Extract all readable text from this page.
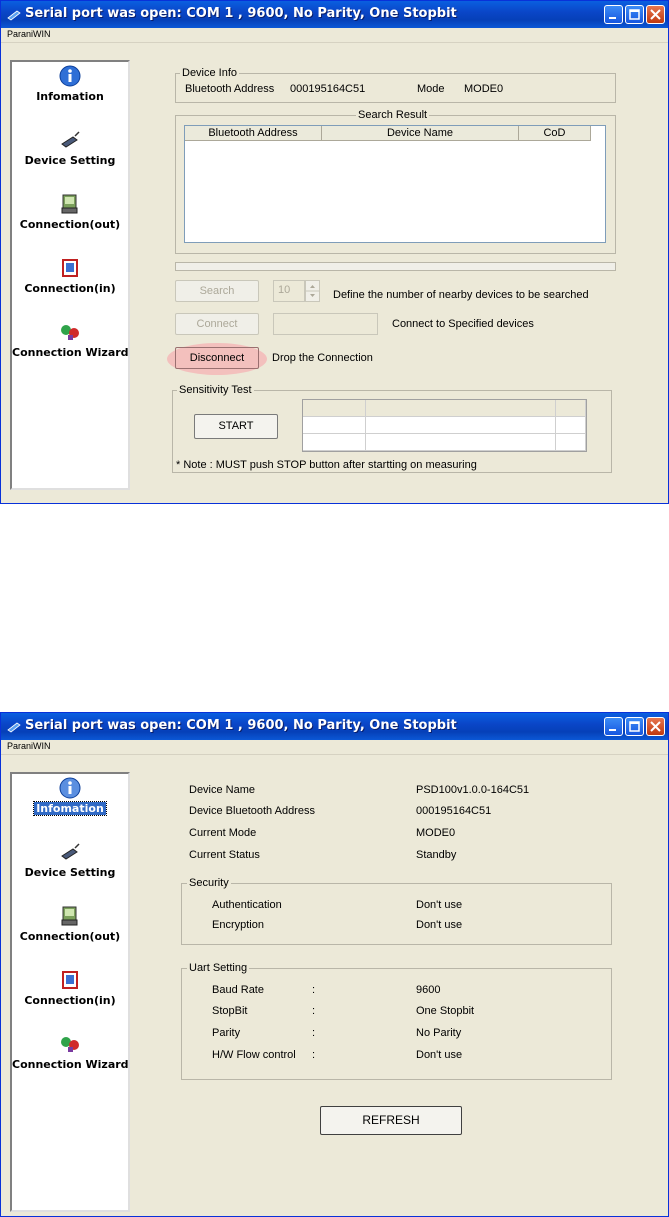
Serial port was open: COM 1 , 9600, No Parity, One Stopbit
ParaniWIN
Infomation
Device Setting
Connection(out)
Connection(in)
Connection Wizard
Device Info
Bluetooth Address 000195164C51	Mode MODE0
Search Result
Bluetooth Address	Device Name	CoD
Search	10	Define the number of nearby devices to be searched
Connect	Connect to Specified devices
Disconnect	Drop the Connection
Sensitivity Test
START
* Note : MUST push STOP button after startting on measuring
Serial port was open: COM 1 , 9600, No Parity, One Stopbit
ParaniWIN
Infomation
Device Setting
Connection(out)
Connection(in)
Connection Wizard
Device Name	PSD100v1.0.0-164C51
Device Bluetooth Address	000195164C51
Current Mode	MODE0
Current Status	Standby
Security
Authentication	Don't use
Encryption	Don't use
Uart Setting
Baud Rate	:	9600
StopBit	:	One Stopbit
Parity	:	No Parity
H/W Flow control :	Don't use
REFRESH
